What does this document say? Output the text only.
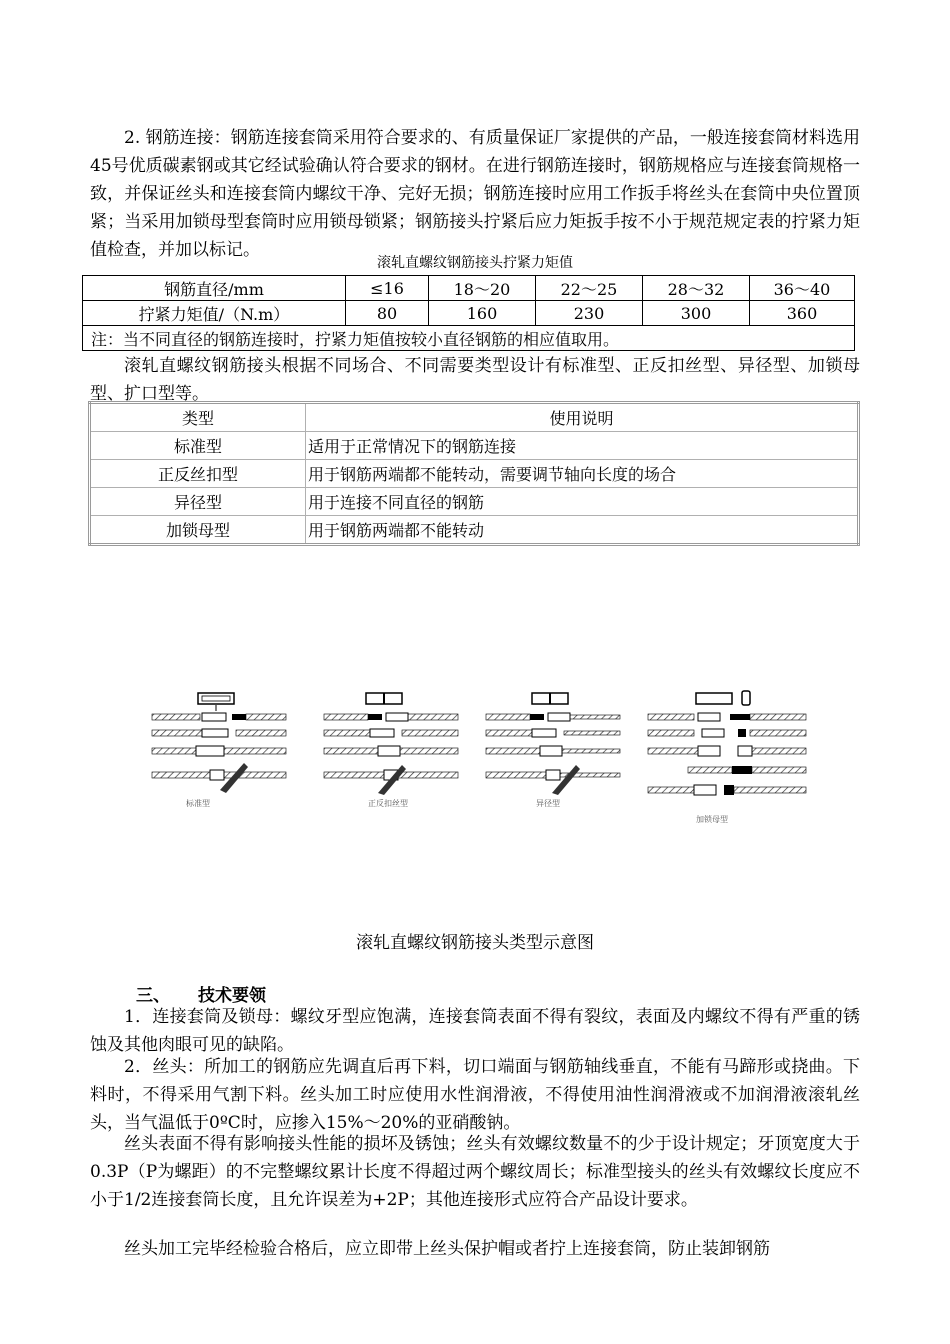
2. 钢筋连接：钢筋连接套筒采用符合要求的、有质量保证厂家提供的产品，一般连接套筒材料选用45号优质碳素钢或其它经试验确认符合要求的钢材。在进行钢筋连接时，钢筋规格应与连接套筒规格一致，并保证丝头和连接套筒内螺纹干净、完好无损；钢筋连接时应用工作扳手将丝头在套筒中央位置顶紧；当采用加锁母型套筒时应用锁母锁紧；钢筋接头拧紧后应力矩扳手按不小于规范规定表的拧紧力矩值检查，并加以标记。

滚轧直螺纹钢筋接头拧紧力矩值
钢筋直径/mm	≤16	18～20	22～25	28～32	36～40
拧紧力矩值/（N.m）	80	160	230	300	360
注：当不同直径的钢筋连接时，拧紧力矩值按较小直径钢筋的相应值取用。					

滚轧直螺纹钢筋接头根据不同场合、不同需要类型设计有标准型、正反扣丝型、异径型、加锁母型、扩口型等。

类型	使用说明
标准型	适用于正常情况下的钢筋连接
正反丝扣型	用于钢筋两端都不能转动，需要调节轴向长度的场合
异径型	用于连接不同直径的钢筋
加锁母型	用于钢筋两端都不能转动
标准型	正反扣丝型	异径型
加锁母型
滚轧直螺纹钢筋接头类型示意图
三、 技术要领

1．连接套筒及锁母：螺纹牙型应饱满，连接套筒表面不得有裂纹，表面及内螺纹不得有严重的锈蚀及其他肉眼可见的缺陷。

2．丝头：所加工的钢筋应先调直后再下料，切口端面与钢筋轴线垂直，不能有马蹄形或挠曲。下料时，不得采用气割下料。丝头加工时应使用水性润滑液，不得使用油性润滑液或不加润滑液滚轧丝头，当气温低于0ºC时，应掺入15%～20%的亚硝酸钠。

丝头表面不得有影响接头性能的损坏及锈蚀；丝头有效螺纹数量不的少于设计规定；牙顶宽度大于0.3P（P为螺距）的不完整螺纹累计长度不得超过两个螺纹周长；标准型接头的丝头有效螺纹长度应不小于1/2连接套筒长度，且允许误差为+2P；其他连接形式应符合产品设计要求。

丝头加工完毕经检验合格后，应立即带上丝头保护帽或者拧上连接套筒，防止装卸钢筋
